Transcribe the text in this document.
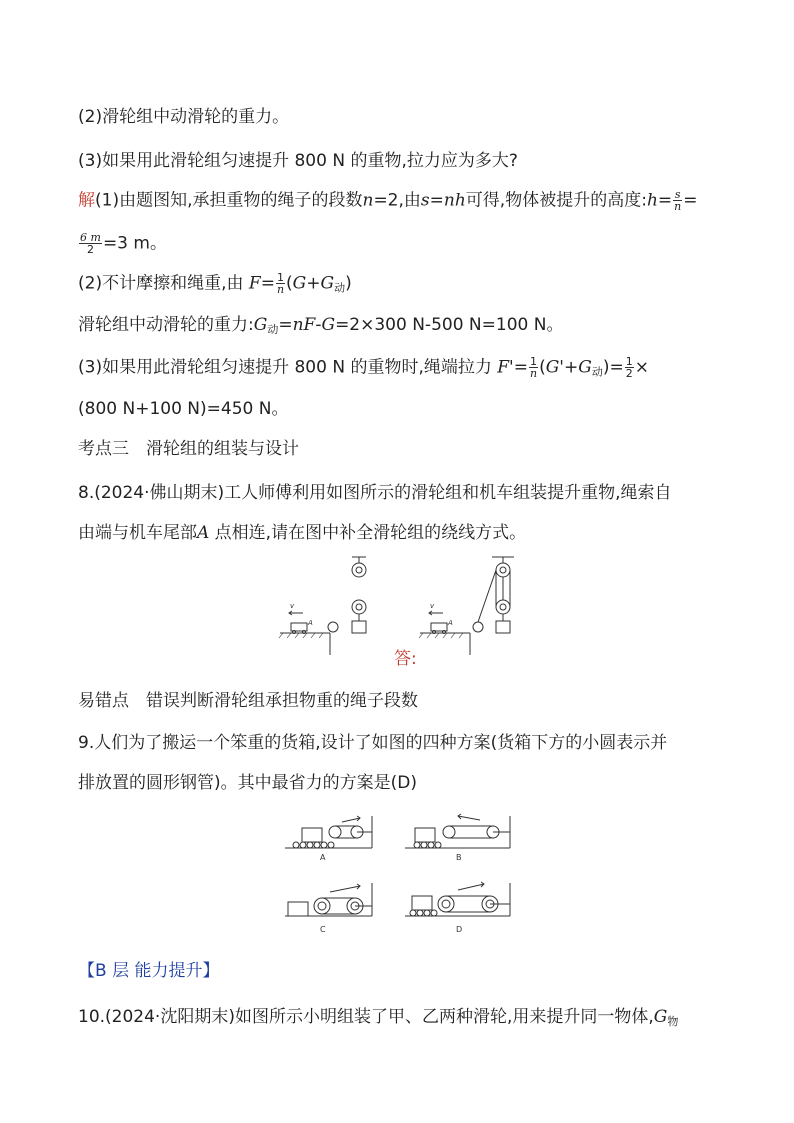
(2)滑轮组中动滑轮的重力。
(3)如果用此滑轮组匀速提升 800 N 的重物,拉力应为多大?
解(1)由题图知,承担重物的绳子的段数n=2,由s=nh可得,物体被提升的高度:h= $\frac{s}{n}$ =
$\frac{6 m}{2} =3$ m。
(2)不计摩擦和绳重,由 $F= \frac{1}{n} (G+G_动)$
滑轮组中动滑轮的重力$:G_动=nF-G=2\times 300$ N-500 N=100 N。
(3)如果用此滑轮组匀速提升 800 N 的重物时,绳端拉力 $F'= \frac{1}{n} (G'+G_动)= \frac{1}{2}$ ×
(800 N+100 N)=450 N。
考点三　滑轮组的组装与设计
8.(2024·佛山期末)工人师傅利用如图所示的滑轮组和机车组装提升重物,绳索自
由端与机车尾部A 点相连,请在图中补全滑轮组的绕线方式。
v
A
v
A
答:
易错点　错误判断滑轮组承担物重的绳子段数
9.人们为了搬运一个笨重的货箱,设计了如图的四种方案(货箱下方的小圆表示并
排放置的圆形钢管)。其中最省力的方案是(D)
A	B
C	D
【B 层 能力提升】
10.(2024·沈阳期末)如图所示小明组装了甲、乙两种滑轮,用来提升同一物体$,G_物$
